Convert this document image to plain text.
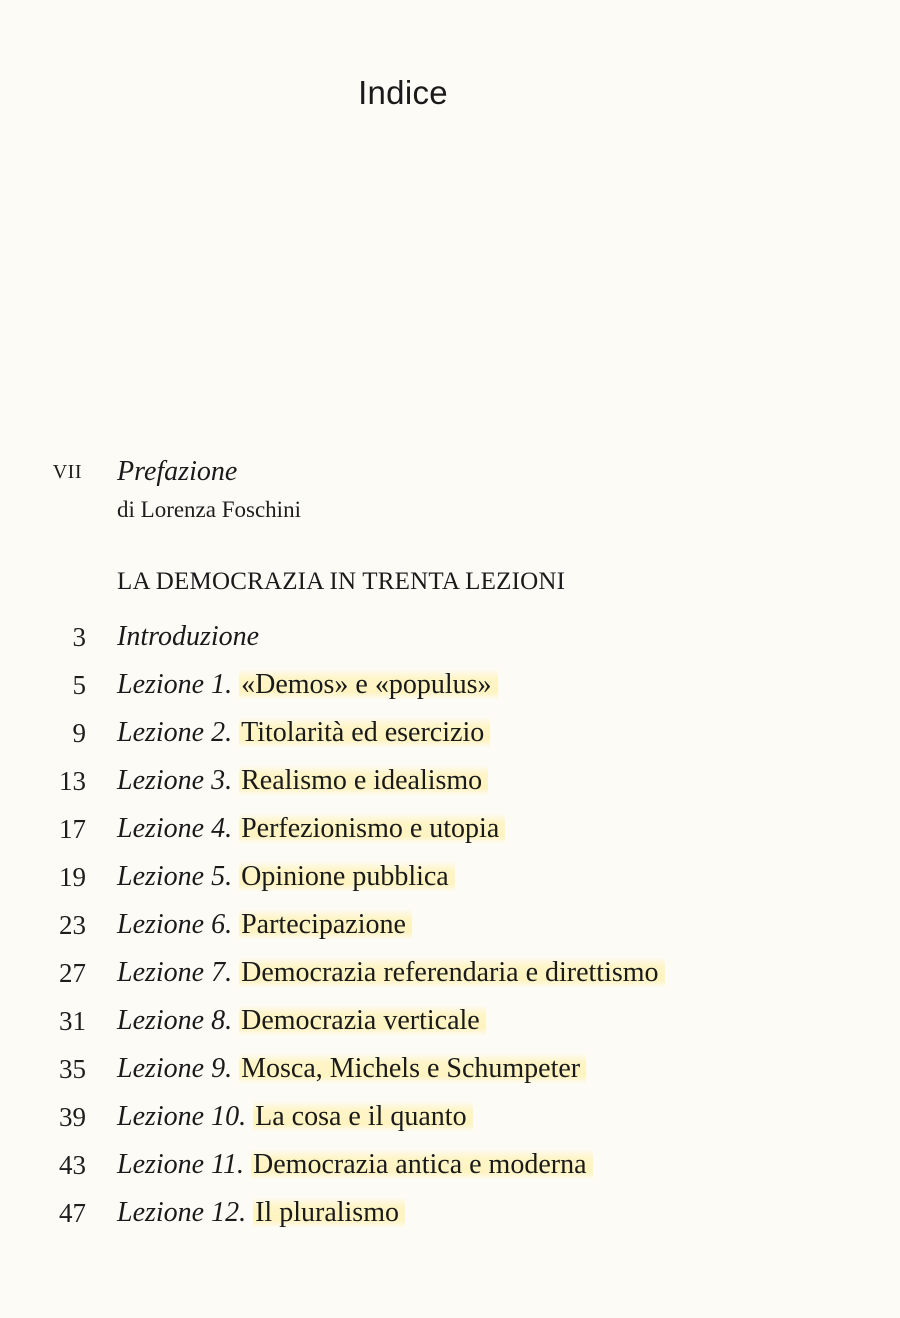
Indice
VII Prefazione
di Lorenza Foschini
LA DEMOCRAZIA IN TRENTA LEZIONI
3 Introduzione
5 Lezione 1. «Demos» e «populus»
9 Lezione 2. Titolarità ed esercizio
13 Lezione 3. Realismo e idealismo
17 Lezione 4. Perfezionismo e utopia
19 Lezione 5. Opinione pubblica
23 Lezione 6. Partecipazione
27 Lezione 7. Democrazia referendaria e direttismo
31 Lezione 8. Democrazia verticale
35 Lezione 9. Mosca, Michels e Schumpeter
39 Lezione 10. La cosa e il quanto
43 Lezione 11. Democrazia antica e moderna
47 Lezione 12. Il pluralismo
